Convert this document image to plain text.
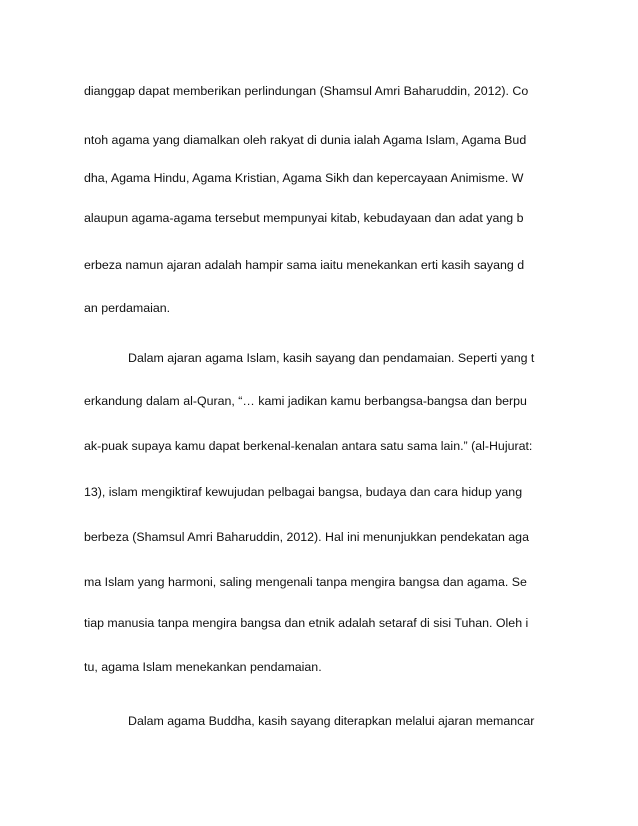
dianggap dapat memberikan perlindungan (Shamsul Amri Baharuddin, 2012). Co
ntoh agama yang diamalkan oleh rakyat di dunia ialah Agama Islam, Agama Bud
dha, Agama Hindu, Agama Kristian, Agama Sikh dan kepercayaan Animisme. W
alaupun agama-agama tersebut mempunyai kitab, kebudayaan dan adat yang b
erbeza namun ajaran adalah hampir sama iaitu menekankan erti kasih sayang d
an perdamaian.
Dalam ajaran agama Islam, kasih sayang dan pendamaian. Seperti yang t
erkandung dalam al-Quran, “… kami jadikan kamu berbangsa-bangsa dan berpu
ak-puak supaya kamu dapat berkenal-kenalan antara satu sama lain.” (al-Hujurat:
13), islam mengiktiraf kewujudan pelbagai bangsa, budaya dan cara hidup yang
berbeza (Shamsul Amri Baharuddin, 2012). Hal ini menunjukkan pendekatan aga
ma Islam yang harmoni, saling mengenali tanpa mengira bangsa dan agama. Se
tiap manusia tanpa mengira bangsa dan etnik adalah setaraf di sisi Tuhan. Oleh i
tu, agama Islam menekankan pendamaian.
Dalam agama Buddha, kasih sayang diterapkan melalui ajaran memancar
